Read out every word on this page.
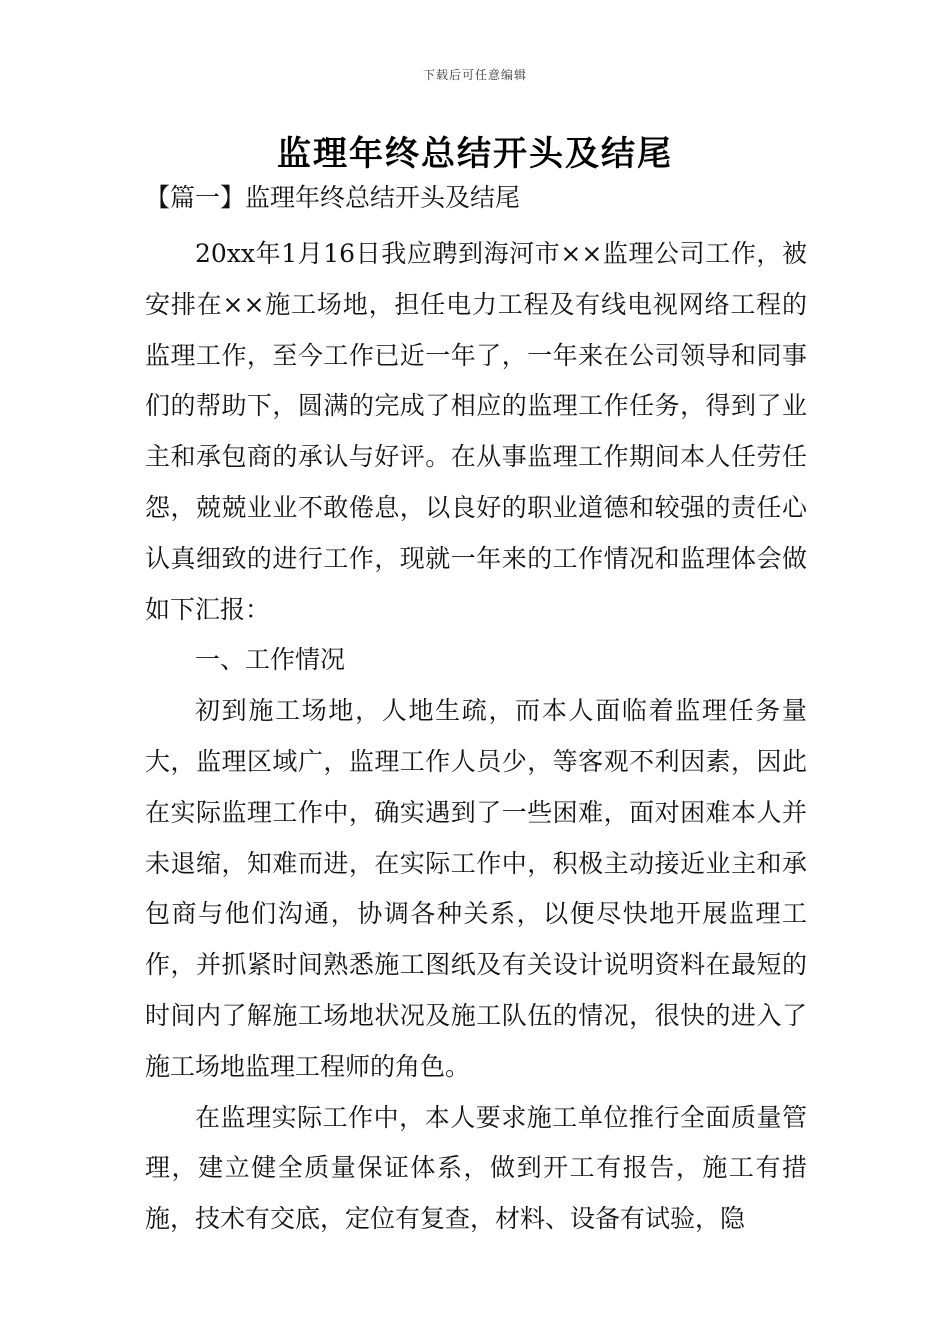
下载后可任意编辑
监理年终总结开头及结尾
【篇一】监理年终总结开头及结尾

20xx年1月16日我应聘到海河市××监理公司工作，被安排在××施工场地，担任电力工程及有线电视网络工程的监理工作，至今工作已近一年了，一年来在公司领导和同事们的帮助下，圆满的完成了相应的监理工作任务，得到了业主和承包商的承认与好评。在从事监理工作期间本人任劳任怨，兢兢业业不敢倦息，以良好的职业道德和较强的责任心认真细致的进行工作，现就一年来的工作情况和监理体会做如下汇报：

一、工作情况

初到施工场地，人地生疏，而本人面临着监理任务量大，监理区域广，监理工作人员少，等客观不利因素，因此在实际监理工作中，确实遇到了一些困难，面对困难本人并未退缩，知难而进，在实际工作中，积极主动接近业主和承包商与他们沟通，协调各种关系，以便尽快地开展监理工作，并抓紧时间熟悉施工图纸及有关设计说明资料在最短的时间内了解施工场地状况及施工队伍的情况，很快的进入了施工场地监理工程师的角色。

在监理实际工作中，本人要求施工单位推行全面质量管理，建立健全质量保证体系，做到开工有报告，施工有措施，技术有交底，定位有复查，材料、设备有试验，隐
